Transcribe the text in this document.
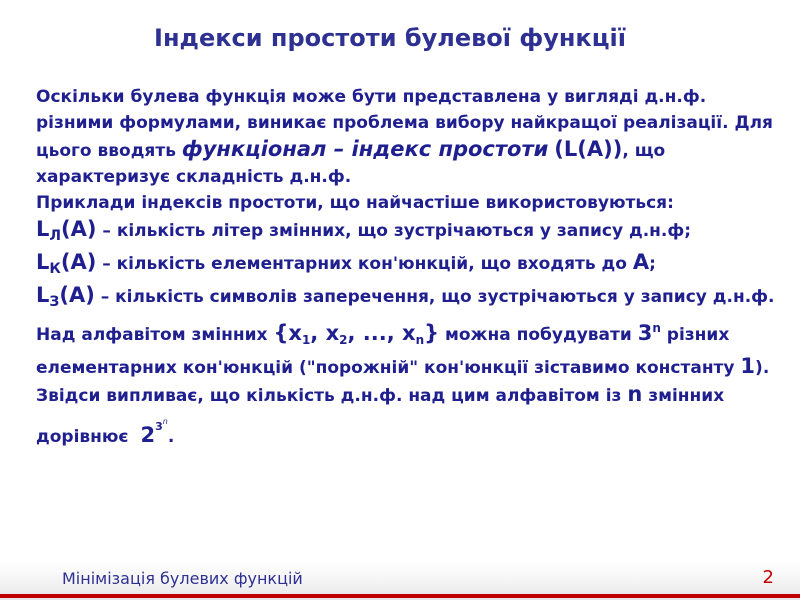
Індекси простоти булевої функції

Оскільки булева функція може бути представлена у вигляді д.н.ф. різними формулами, виникає проблема вибору найкращої реалізації. Для цього вводять функціонал – індекс простоти (L(A)), що характеризує складність д.н.ф.

Приклади індексів простоти, що найчастіше використовуються:

$L_Л(A)$ – кількість літер змінних, що зустрічаються у запису д.н.ф;

$L_К(A)$ – кількість елементарних кон'юнкцій, що входять до А;

$L_З(A)$ – кількість символів заперечення, що зустрічаються у запису д.н.ф.

Над алфавітом змінних {$x_1$, $x_2$, ..., $x_n$} можна побудувати 3$^n$ різних елементарних кон'юнкцій ("порожній" кон'юнкції зіставимо константу 1). Звідси випливає, що кількість д.н.ф. над цим алфавітом із n змінних дорівнює $2^{3n}$.

Мінімізація булевих функцій	2
